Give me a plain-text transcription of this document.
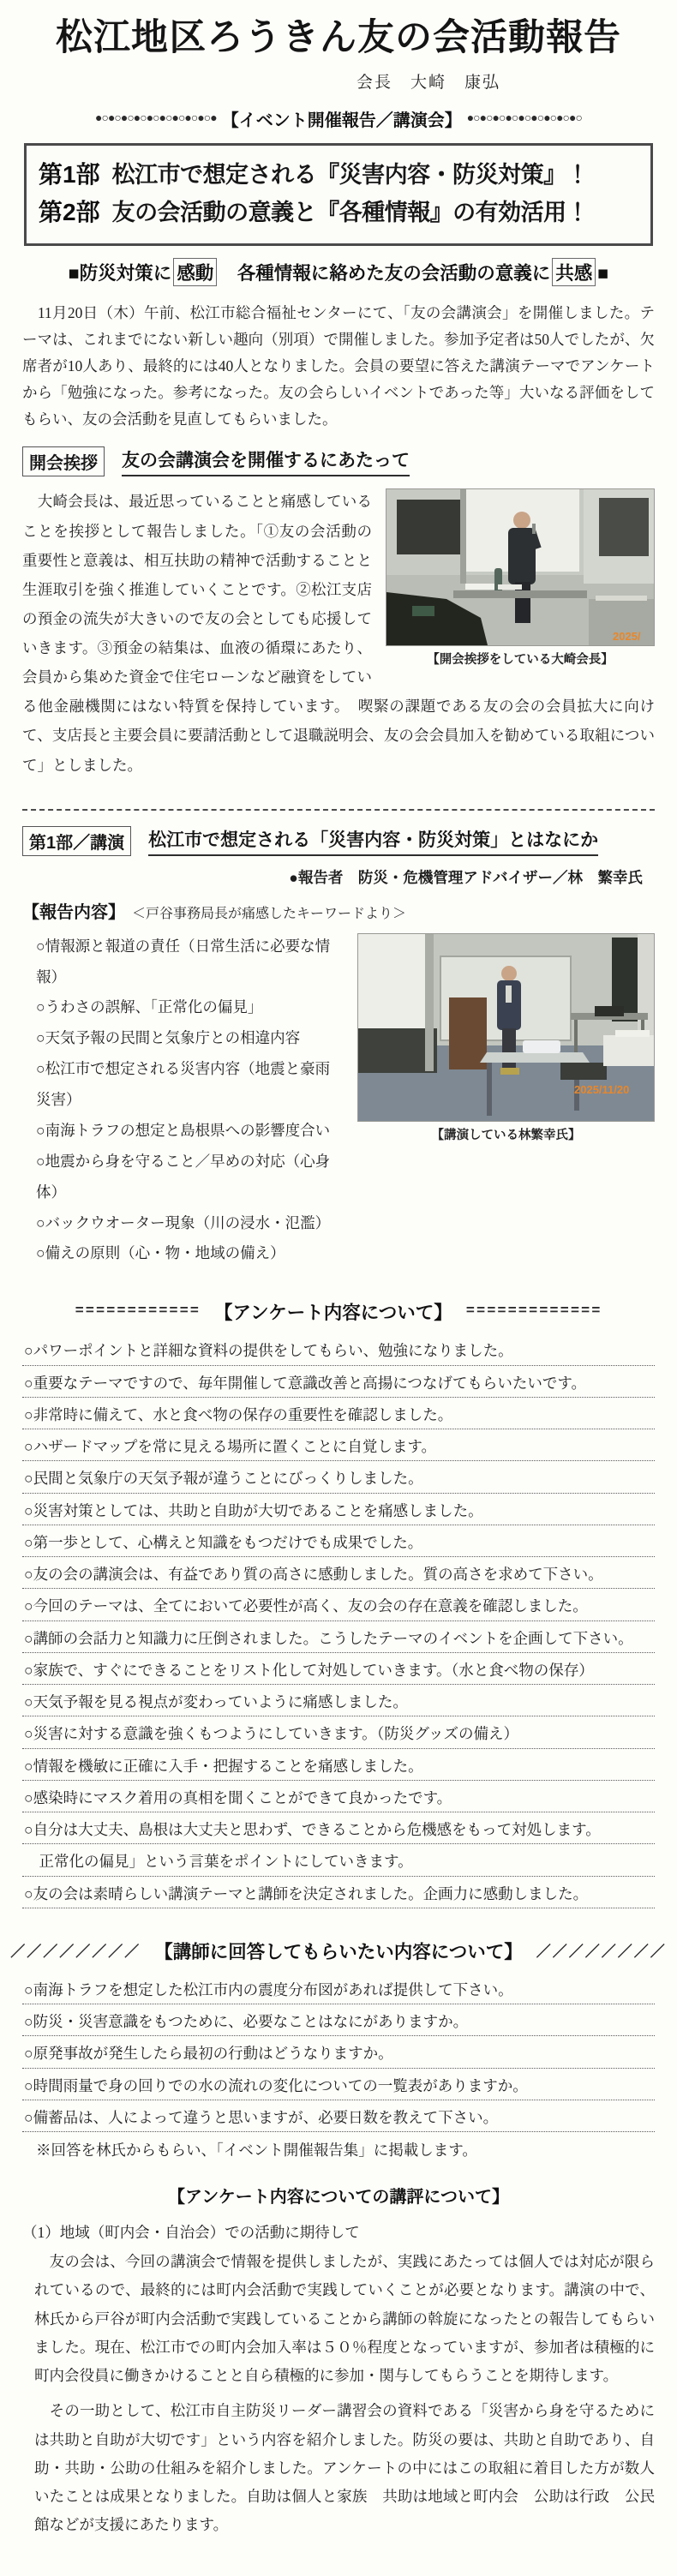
松江地区ろうきん友の会活動報告
会長　大崎　康弘
●○●○●○●○●○●○●○●○●○● 【イベント開催報告／講演会】 ●○●○●○●○●○●○●○●○●○
第1部 松江市で想定される『災害内容・防災対策』！
第2部 友の会活動の意義と『各種情報』の有効活用！
■防災対策に 感動　各種情報に絡めた友の会活動の意義に 共感 ■

　11月20日（木）午前、松江市総合福祉センターにて、「友の会講演会」を開催しました。テーマは、これまでにない新しい趣向（別項）で開催しました。参加予定者は50人でしたが、欠席者が10人あり、最終的には40人となりました。会員の要望に答えた講演テーマでアンケートから「勉強になった。参考になった。友の会らしいイベントであった等」大いなる評価をしてもらい、友の会活動を見直してもらいました。

開会挨拶	友の会講演会を開催するにあたって
2025/
【開会挨拶をしている大崎会長】

　大崎会長は、最近思っていることと痛感していることを挨拶として報告しました。「①友の会活動の重要性と意義は、相互扶助の精神で活動することと生涯取引を強く推進していくことです。②松江支店の預金の流失が大きいので友の会としても応援していきます。③預金の結集は、血液の循環にあたり、会員から集めた資金で住宅ローンなど融資をしている他金融機関にはない特質を保持しています。　喫緊の課題である友の会の会員拡大に向けて、支店長と主要会員に要請活動として退職説明会、友の会会員加入を勧めている取組について」としました。

第1部／講演	松江市で想定される「災害内容・防災対策」とはなにか
●報告者　防災・危機管理アドバイザー／林　繁幸氏
【報告内容】 ＜戸谷事務局長が痛感したキーワードより＞
2025/11/20
【講演している林繁幸氏】
○情報源と報道の責任（日常生活に必要な情報）
○うわさの誤解、「正常化の偏見」
○天気予報の民間と気象庁との相違内容
○松江市で想定される災害内容（地震と豪雨災害）
○南海トラフの想定と島根県への影響度合い
○地震から身を守ること／早めの対応（心身体）
○バックウオーター現象（川の浸水・氾濫）
○備えの原則（心・物・地域の備え）
============ 【アンケート内容について】 =============
○パワーポイントと詳細な資料の提供をしてもらい、勉強になりました。
○重要なテーマですので、毎年開催して意識改善と高揚につなげてもらいたいです。
○非常時に備えて、水と食べ物の保存の重要性を確認しました。
○ハザードマップを常に見える場所に置くことに自覚します。
○民間と気象庁の天気予報が違うことにびっくりしました。
○災害対策としては、共助と自助が大切であることを痛感しました。
○第一歩として、心構えと知識をもつだけでも成果でした。
○友の会の講演会は、有益であり質の高さに感動しました。質の高さを求めて下さい。
○今回のテーマは、全てにおいて必要性が高く、友の会の存在意義を確認しました。
○講師の会話力と知識力に圧倒されました。こうしたテーマのイベントを企画して下さい。
○家族で、すぐにできることをリスト化して対処していきます。（水と食べ物の保存）
○天気予報を見る視点が変わっていように痛感しました。
○災害に対する意識を強くもつようにしていきます。（防災グッズの備え）
○情報を機敏に正確に入手・把握することを痛感しました。
○感染時にマスク着用の真相を聞くことができて良かったです。
○自分は大丈夫、島根は大丈夫と思わず、できることから危機感をもって対処します。
　正常化の偏見」という言葉をポイントにしていきます。
○友の会は素晴らしい講演テーマと講師を決定されました。企画力に感動しました。
／／／／／／／／ 【講師に回答してもらいたい内容について】 ／／／／／／／／
○南海トラフを想定した松江市内の震度分布図があれば提供して下さい。
○防災・災害意識をもつために、必要なことはなにがありますか。
○原発事故が発生したら最初の行動はどうなりますか。
○時間雨量で身の回りでの水の流れの変化についての一覧表がありますか。
○備蓄品は、人によって違うと思いますが、必要日数を教えて下さい。
※回答を林氏からもらい、「イベント開催報告集」に掲載します。
【アンケート内容についての講評について】
（1）地域（町内会・自治会）での活動に期待して

　友の会は、今回の講演会で情報を提供しましたが、実践にあたっては個人では対応が限られているので、最終的には町内会活動で実践していくことが必要となります。講演の中で、林氏から戸谷が町内会活動で実践していることから講師の斡旋になったとの報告してもらいました。現在、松江市での町内会加入率は５０％程度となっていますが、参加者は積極的に町内会役員に働きかけることと自ら積極的に参加・関与してもらうことを期待します。

　その一助として、松江市自主防災リーダー講習会の資料である「災害から身を守るためには共助と自助が大切です」という内容を紹介しました。防災の要は、共助と自助であり、自助・共助・公助の仕組みを紹介しました。アンケートの中にはこの取組に着目した方が数人いたことは成果となりました。自助は個人と家族　共助は地域と町内会　公助は行政　公民館などが支援にあたります。
